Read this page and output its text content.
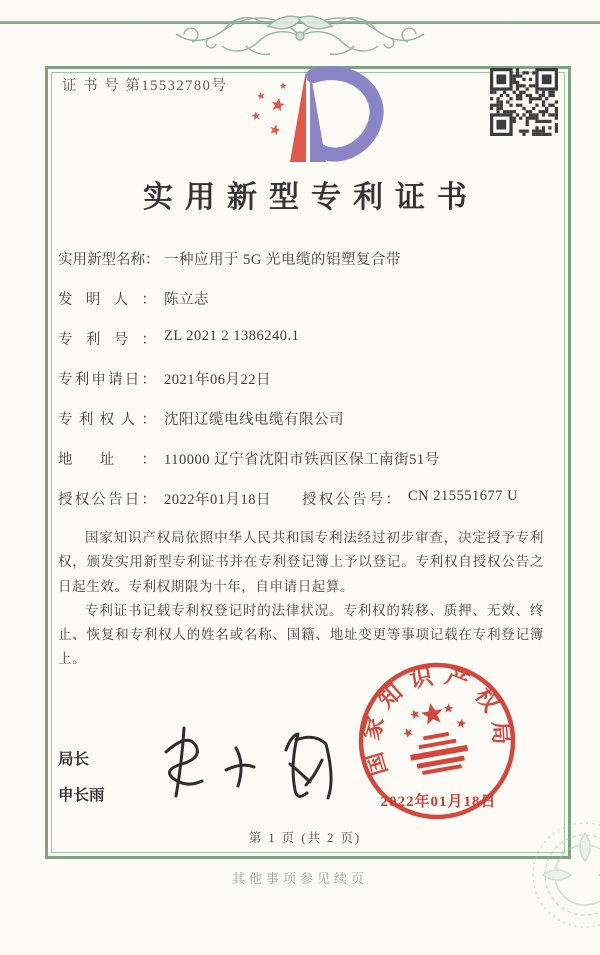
证 书 号 第15532780号
实用新型专利证书
实用新型名称： 一种应用于 5G 光电缆的铝塑复合带
发明人： 陈立志
专利号： ZL 2021 2 1386240.1
专利申请日： 2021年06月22日
专利权人： 沈阳辽缆电线电缆有限公司
地址： 110000 辽宁省沈阳市铁西区保工南街51号
授权公告日： 2022年01月18日 授权公告号： CN 215551677 U

国家知识产权局依照中华人民共和国专利法经过初步审查，决定授予专利权，颁发实用新型专利证书并在专利登记簿上予以登记。专利权自授权公告之日起生效。专利权期限为十年，自申请日起算。

专利证书记载专利权登记时的法律状况。专利权的转移、质押、无效、终止、恢复和专利权人的姓名或名称、国籍、地址变更等事项记载在专利登记簿上。

局长
申长雨
国家知识产权局
2022年01月18日
第 1 页 (共 2 页)
其他事项参见续页
